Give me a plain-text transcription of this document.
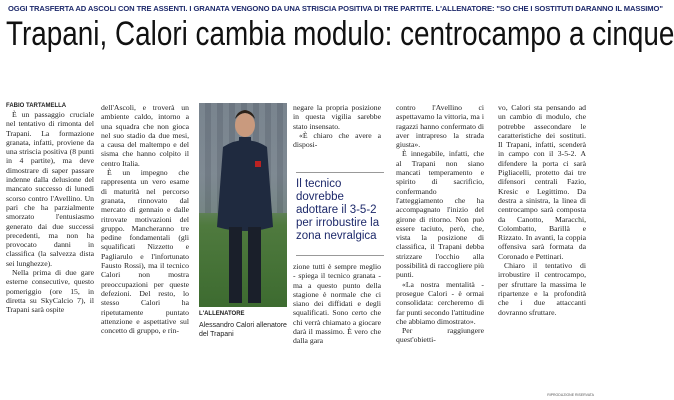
OGGI TRASFERTA AD ASCOLI CON TRE ASSENTI. I GRANATA VENGONO DA UNA STRISCIA POSITIVA DI TRE PARTITE. L'ALLENATORE: "SO CHE I SOSTITUTI DARANNO IL MASSIMO"
Trapani, Calori cambia modulo: centrocampo a cinque
FABIO TARTAMELLA

È un passaggio cruciale nel tentativo di rimonta del Trapani. La formazione granata, infatti, proviene da una striscia positiva (8 punti in 4 partite), ma deve dimostrare di saper passare indenne dalla delusione del mancato successo di lunedì scorso contro l'Avellino. Un pari che ha parzialmente smorzato l'entusiasmo generato dai due successi precedenti, ma non ha provocato danni in classifica (la salvezza dista sei lunghezze).

Nella prima di due gare esterne consecutive, questo pomeriggio (ore 15, in diretta su SkyCalcio 7), il Trapani sarà ospite

dell'Ascoli, e troverà un ambiente caldo, intorno a una squadra che non gioca nel suo stadio da due mesi, a causa del maltempo e del sisma che hanno colpito il centro Italia.

È un impegno che rappresenta un vero esame di maturità nel percorso granata, rinnovato dal mercato di gennaio e dalle ritrovate motivazioni del gruppo. Mancheranno tre pedine fondamentali (gli squalificati Nizzetto e Pagliarulo e l'infortunato Fausto Rossi), ma il tecnico Calori non mostra preoccupazioni per queste defezioni. Del resto, lo stesso Calori ha ripetutamente puntato attenzione e aspettative sul concetto di gruppo, e rin-

L'ALLENATORE
Alessandro Calori allenatore del Trapani

negare la propria posizione in questa vigilia sarebbe stato insensato.

«È chiaro che avere a disposi-

Il tecnico dovrebbe adottare il 3-5-2 per irrobustire la zona nevralgica

zione tutti è sempre meglio - spiega il tecnico granata - ma a questo punto della stagione è normale che ci siano dei diffidati e degli squalificati. Sono certo che chi verrà chiamato a giocare darà il massimo. È vero che dalla gara

contro l'Avellino ci aspettavamo la vittoria, ma i ragazzi hanno confermato di aver intrapreso la strada giusta».

È innegabile, infatti, che al Trapani non siano mancati temperamento e spirito di sacrificio, confermando l'atteggiamento che ha accompagnato l'inizio del girone di ritorno. Non può essere taciuto, però, che, vista la posizione di classifica, il Trapani debba strizzare l'occhio alla possibilità di raccogliere più punti.

«La nostra mentalità - prosegue Calori - è ormai consolidata: cercheremo di far punti secondo l'attitudine che abbiamo dimostrato».

Per raggiungere quest'obietti-

vo, Calori sta pensando ad un cambio di modulo, che potrebbe assecondare le caratteristiche dei sostituti. Il Trapani, infatti, scenderà in campo con il 3-5-2. A difendere la porta ci sarà Pigliacelli, protetto dai tre difensori centrali Fazio, Kresic e Legittimo. Da destra a sinistra, la linea di centrocampo sarà composta da Canotto, Maracchi, Colombatto, Barillà e Rizzato. In avanti, la coppia offensiva sarà formata da Coronado e Pettinari.

Chiaro il tentativo di irrobustire il centrocampo, per sfruttare la massima le ripartenze e la profondità che i due attaccanti dovranno sfruttare.

RIPRODUZIONE RISERVATA
